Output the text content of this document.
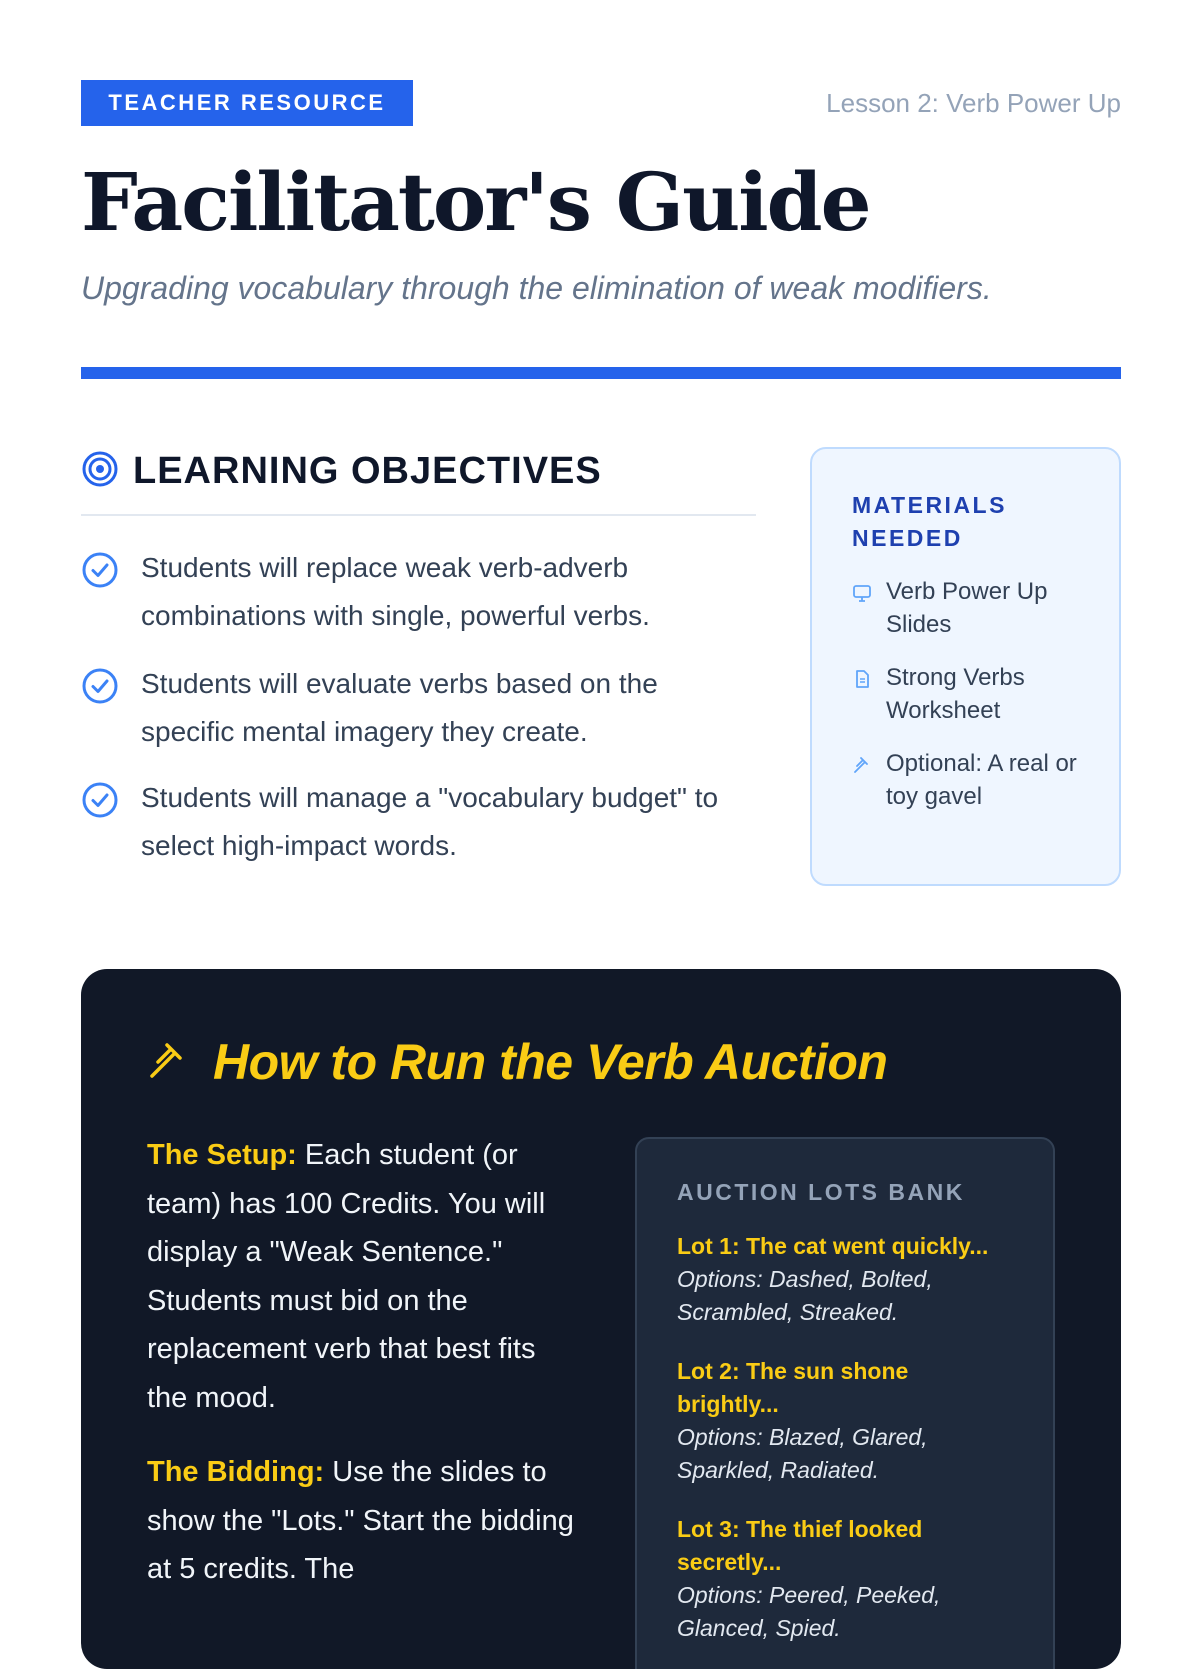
TEACHER RESOURCE	Lesson 2: Verb Power Up
Facilitator's Guide

Upgrading vocabulary through the elimination of weak modifiers.

LEARNING OBJECTIVES
Students will replace weak verb-adverb combinations with single, powerful verbs.
Students will evaluate verbs based on the specific mental imagery they create.
Students will manage a "vocabulary budget" to select high-impact words.
MATERIALS NEEDED
Verb Power Up Slides
Strong Verbs Worksheet
Optional: A real or toy gavel
How to Run the Verb Auction

The Setup: Each student (or team) has 100 Credits. You will display a "Weak Sentence." Students must bid on the replacement verb that best fits the mood.

The Bidding: Use the slides to show the "Lots." Start the bidding at 5 credits. The

AUCTION LOTS BANK
Lot 1: The cat went quickly...
Options: Dashed, Bolted, Scrambled, Streaked.
Lot 2: The sun shone brightly...
Options: Blazed, Glared, Sparkled, Radiated.
Lot 3: The thief looked secretly...
Options: Peered, Peeked, Glanced, Spied.
